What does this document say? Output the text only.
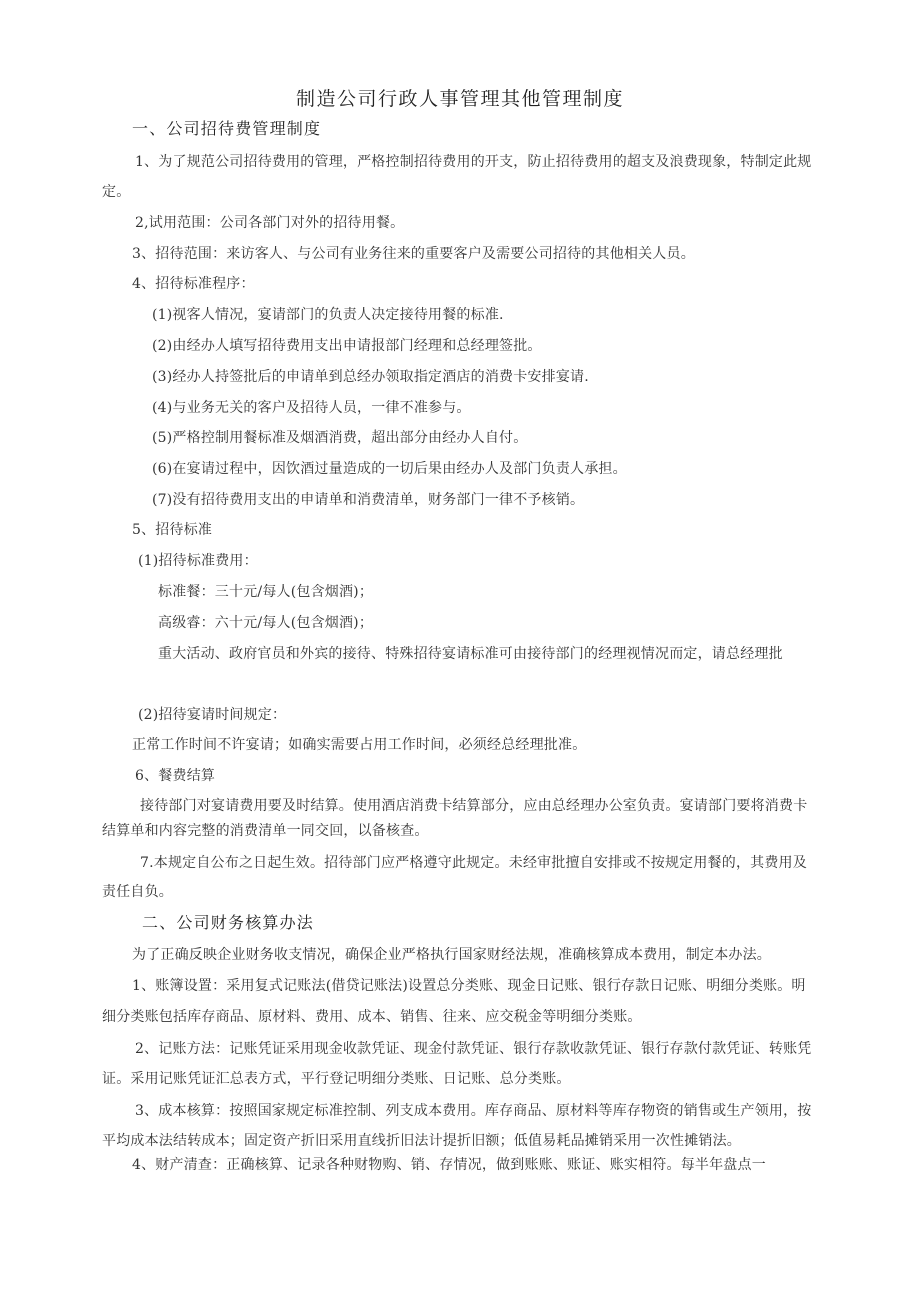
制造公司行政人事管理其他管理制度
一、公司招待费管理制度
1、为了规范公司招待费用的管理，严格控制招待费用的开支，防止招待费用的超支及浪费现象，特制定此规
定。
2,试用范围：公司各部门对外的招待用餐。
3、招待范围：来访客人、与公司有业务往来的重要客户及需要公司招待的其他相关人员。
4、招待标准程序：
(1)视客人情况，宴请部门的负责人决定接待用餐的标准.
(2)由经办人填写招待费用支出申请报部门经理和总经理签批。
(3)经办人持签批后的申请单到总经办领取指定酒店的消费卡安排宴请.
(4)与业务无关的客户及招待人员，一律不准参与。
(5)严格控制用餐标准及烟酒消费，超出部分由经办人自付。
(6)在宴请过程中，因饮酒过量造成的一切后果由经办人及部门负责人承担。
(7)没有招待费用支出的申请单和消费清单，财务部门一律不予核销。
5、招待标准
(1)招待标准费用：
标准餐：三十元/每人(包含烟酒)；
高级睿：六十元/每人(包含烟酒)；
重大活动、政府官员和外宾的接待、特殊招待宴请标准可由接待部门的经理视情况而定，请总经理批
(2)招待宴请时间规定：
正常工作时间不许宴请；如确实需要占用工作时间，必须经总经理批准。
6、餐费结算
接待部门对宴请费用要及时结算。使用酒店消费卡结算部分，应由总经理办公室负责。宴请部门要将消费卡
结算单和内容完整的消费清单一同交回，以备核查。
7.本规定自公布之日起生效。招待部门应严格遵守此规定。未经审批擅自安排或不按规定用餐的，其费用及
责任自负。
二、公司财务核算办法
为了正确反映企业财务收支情况，确保企业严格执行国家财经法规，准确核算成本费用，制定本办法。
1、账簿设置：采用复式记账法(借贷记账法)设置总分类账、现金日记账、银行存款日记账、明细分类账。明
细分类账包括库存商品、原材料、费用、成本、销售、往来、应交税金等明细分类账。
2、记账方法：记账凭证采用现金收款凭证、现金付款凭证、银行存款收款凭证、银行存款付款凭证、转账凭
证。采用记账凭证汇总表方式，平行登记明细分类账、日记账、总分类账。
3、成本核算：按照国家规定标准控制、列支成本费用。库存商品、原材料等库存物资的销售或生产领用，按
平均成本法结转成本；固定资产折旧采用直线折旧法计提折旧额；低值易耗品摊销采用一次性摊销法。
4、财产清查：正确核算、记录各种财物购、销、存情况，做到账账、账证、账实相符。每半年盘点一
